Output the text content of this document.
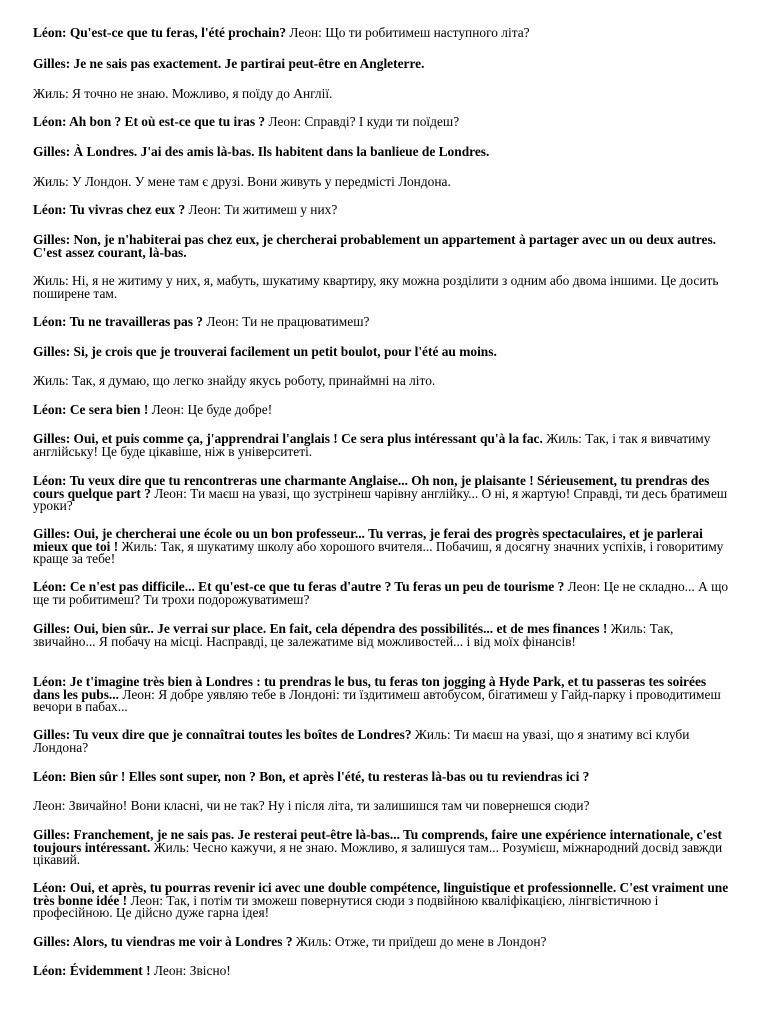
Léon: Qu'est-ce que tu feras, l'été prochain? Леон: Що ти робитимеш наступного літа?

Gilles: Je ne sais pas exactement. Je partirai peut-être en Angleterre.

Жиль: Я точно не знаю. Можливо, я поїду до Англії.

Léon: Ah bon ? Et où est-ce que tu iras ? Леон: Справді? І куди ти поїдеш?

Gilles: À Londres. J'ai des amis là-bas. Ils habitent dans la banlieue de Londres.

Жиль: У Лондон. У мене там є друзі. Вони живуть у передмісті Лондона.

Léon: Tu vivras chez eux ? Леон: Ти житимеш у них?

Gilles: Non, je n'habiterai pas chez eux, je chercherai probablement un appartement à partager avec un ou deux autres. C'est assez courant, là-bas.

Жиль: Ні, я не житиму у них, я, мабуть, шукатиму квартиру, яку можна розділити з одним або двома іншими. Це досить поширене там.

Léon: Tu ne travailleras pas ? Леон: Ти не працюватимеш?

Gilles: Si, je crois que je trouverai facilement un petit boulot, pour l'été au moins.

Жиль: Так, я думаю, що легко знайду якусь роботу, принаймні на літо.

Léon: Ce sera bien ! Леон: Це буде добре!

Gilles: Oui, et puis comme ça, j'apprendrai l'anglais ! Ce sera plus intéressant qu'à la fac. Жиль: Так, і так я вивчатиму англійську! Це буде цікавіше, ніж в університеті.

Léon: Tu veux dire que tu rencontreras une charmante Anglaise... Oh non, je plaisante ! Sérieusement, tu prendras des cours quelque part ? Леон: Ти маєш на увазі, що зустрінеш чарівну англійку... О ні, я жартую! Справді, ти десь братимеш уроки?

Gilles: Oui, je chercherai une école ou un bon professeur... Tu verras, je ferai des progrès spectaculaires, et je parlerai mieux que toi ! Жиль: Так, я шукатиму школу або хорошого вчителя... Побачиш, я досягну значних успіхів, і говоритиму краще за тебе!

Léon: Ce n'est pas difficile... Et qu'est-ce que tu feras d'autre ? Tu feras un peu de tourisme ? Леон: Це не складно... А що ще ти робитимеш? Ти трохи подорожуватимеш?

Gilles: Oui, bien sûr.. Je verrai sur place. En fait, cela dépendra des possibilités... et de mes finances ! Жиль: Так, звичайно... Я побачу на місці. Насправді, це залежатиме від можливостей... і від моїх фінансів!

Léon: Je t'imagine très bien à Londres : tu prendras le bus, tu feras ton jogging à Hyde Park, et tu passeras tes soirées dans les pubs... Леон: Я добре уявляю тебе в Лондоні: ти їздитимеш автобусом, бігатимеш у Гайд-парку і проводитимеш вечори в пабах...

Gilles: Tu veux dire que je connaîtrai toutes les boîtes de Londres? Жиль: Ти маєш на увазі, що я знатиму всі клуби Лондона?

Léon: Bien sûr ! Elles sont super, non ? Bon, et après l'été, tu resteras là-bas ou tu reviendras ici ?

Леон: Звичайно! Вони класні, чи не так? Ну і після літа, ти залишишся там чи повернешся сюди?

Gilles: Franchement, je ne sais pas. Je resterai peut-être là-bas... Tu comprends, faire une expérience internationale, c'est toujours intéressant. Жиль: Чесно кажучи, я не знаю. Можливо, я залишуся там... Розумієш, міжнародний досвід завжди цікавий.

Léon: Oui, et après, tu pourras revenir ici avec une double compétence, linguistique et professionnelle. C'est vraiment une très bonne idée ! Леон: Так, і потім ти зможеш повернутися сюди з подвійною кваліфікацією, лінгвістичною і професійною. Це дійсно дуже гарна ідея!

Gilles: Alors, tu viendras me voir à Londres ? Жиль: Отже, ти приїдеш до мене в Лондон?

Léon: Évidemment ! Леон: Звісно!
